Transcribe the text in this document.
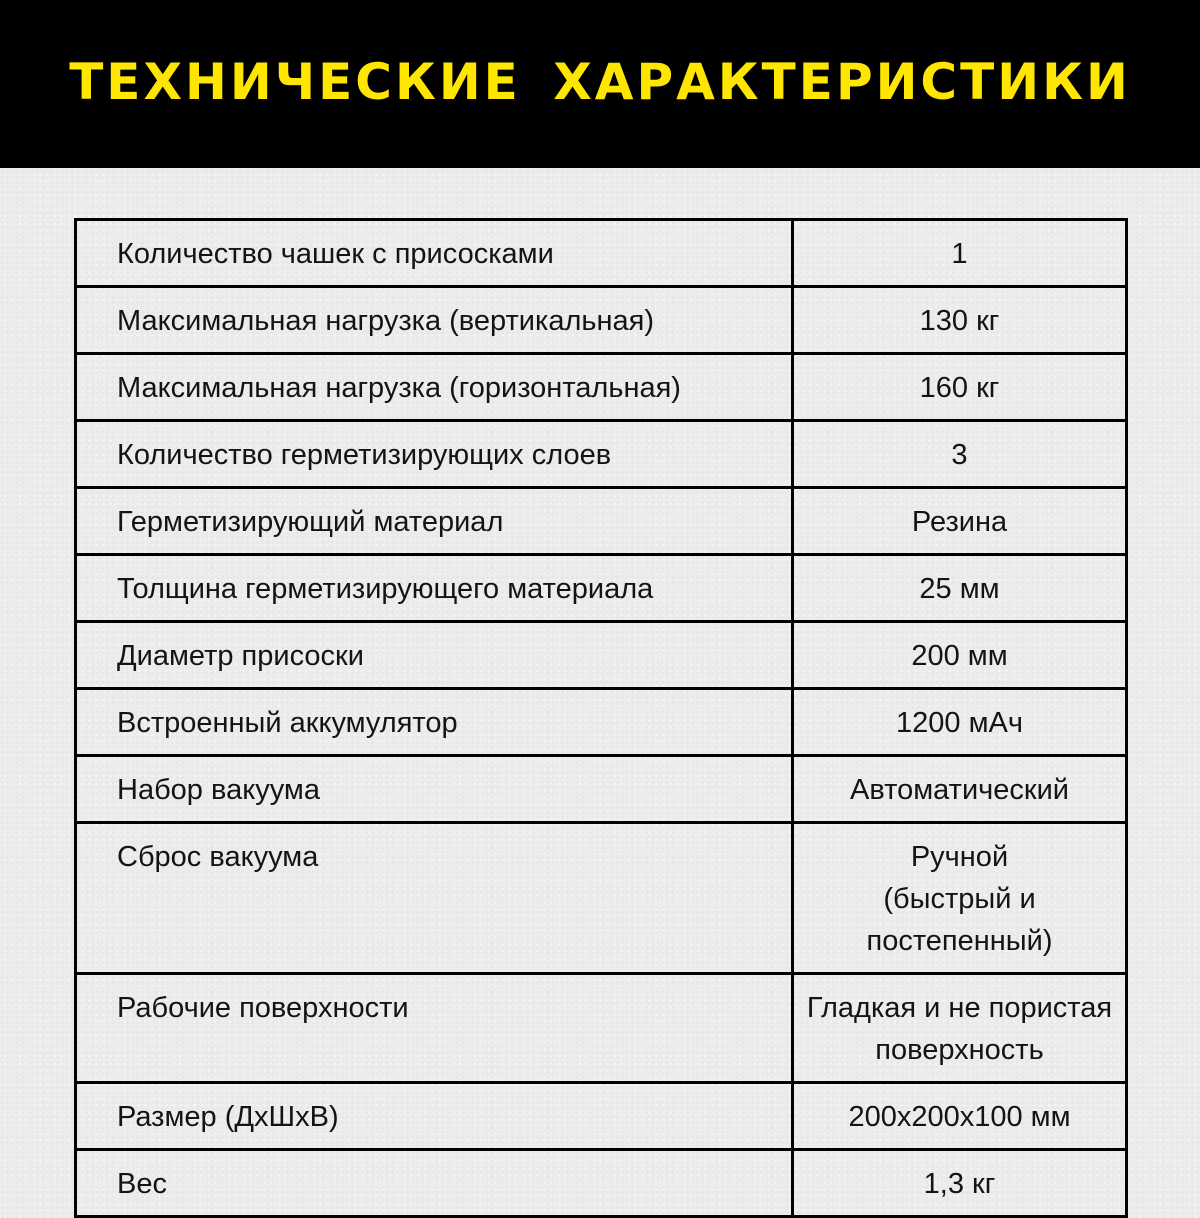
ТЕХНИЧЕСКИЕ ХАРАКТЕРИСТИКИ
Количество чашек с присосками	1
Максимальная нагрузка (вертикальная)	130 кг
Максимальная нагрузка (горизонтальная)	160 кг
Количество герметизирующих слоев	3
Герметизирующий материал	Резина
Толщина герметизирующего материала	25 мм
Диаметр присоски	200 мм
Встроенный аккумулятор	1200 мАч
Набор вакуума	Автоматический
Сброс вакуума	Ручной
(быстрый и постепенный)
Рабочие поверхности	Гладкая и не пористая
поверхность
Размер (ДхШхВ)	200х200х100 мм
Вес	1,3 кг
